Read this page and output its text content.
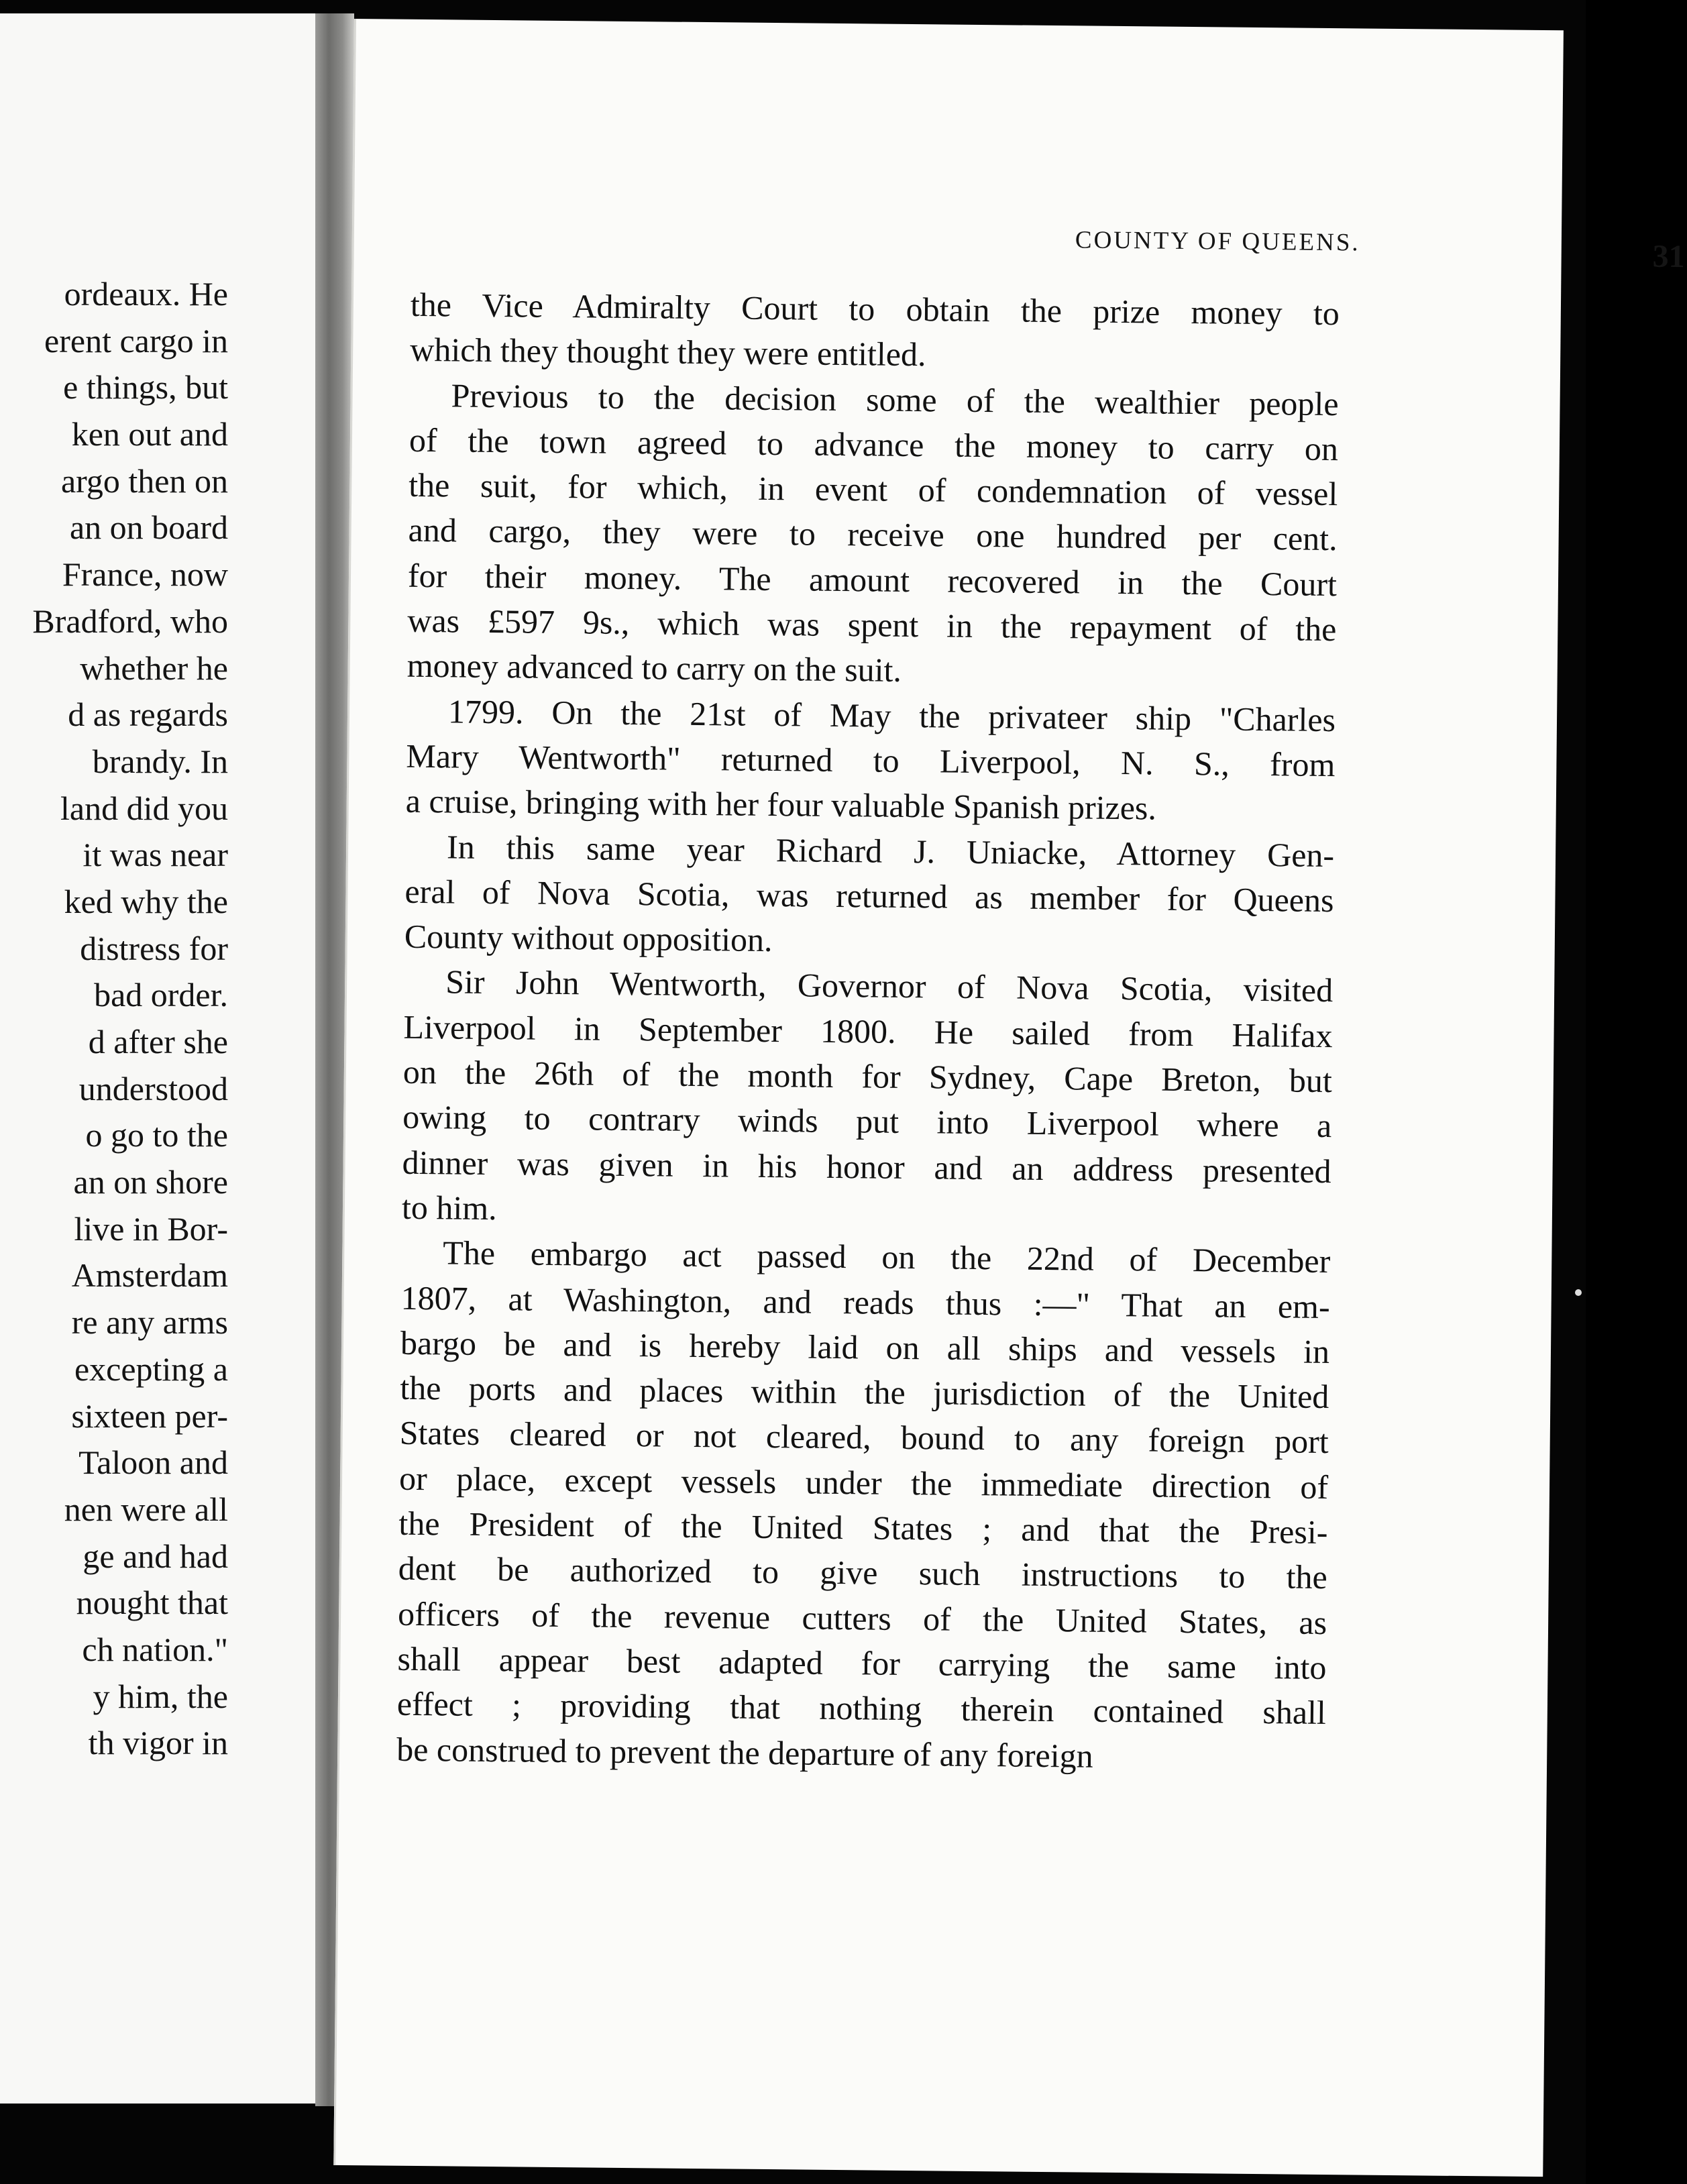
ordeaux. He
erent cargo in
e things, but
ken out and
argo then on
an on board
France, now
Bradford, who
whether he
d as regards
brandy. In
land did you
it was near
ked why the
distress for
bad order.
d after she
understood
o go to the
an on shore
live in Bor-
Amsterdam
re any arms
excepting a
sixteen per-
Taloon and
nen were all
ge and had
nought that
ch nation."
y him, the
th vigor in
COUNTY OF QUEENS.	31
the Vice Admiralty Court to obtain the prize money to
which they thought they were entitled.
Previous to the decision some of the wealthier people
of the town agreed to advance the money to carry on
the suit, for which, in event of condemnation of vessel
and cargo, they were to receive one hundred per cent.
for their money. The amount recovered in the Court
was £597 9s., which was spent in the repayment of the
money advanced to carry on the suit.
1799. On the 21st of May the privateer ship "Charles
Mary Wentworth" returned to Liverpool, N. S., from
a cruise, bringing with her four valuable Spanish prizes.
In this same year Richard J. Uniacke, Attorney Gen-
eral of Nova Scotia, was returned as member for Queens
County without opposition.
Sir John Wentworth, Governor of Nova Scotia, visited
Liverpool in September 1800. He sailed from Halifax
on the 26th of the month for Sydney, Cape Breton, but
owing to contrary winds put into Liverpool where a
dinner was given in his honor and an address presented
to him.
The embargo act passed on the 22nd of December
1807, at Washington, and reads thus :—" That an em-
bargo be and is hereby laid on all ships and vessels in
the ports and places within the jurisdiction of the United
States cleared or not cleared, bound to any foreign port
or place, except vessels under the immediate direction of
the President of the United States ; and that the Presi-
dent be authorized to give such instructions to the
officers of the revenue cutters of the United States, as
shall appear best adapted for carrying the same into
effect ; providing that nothing therein contained shall
be construed to prevent the departure of any foreign
